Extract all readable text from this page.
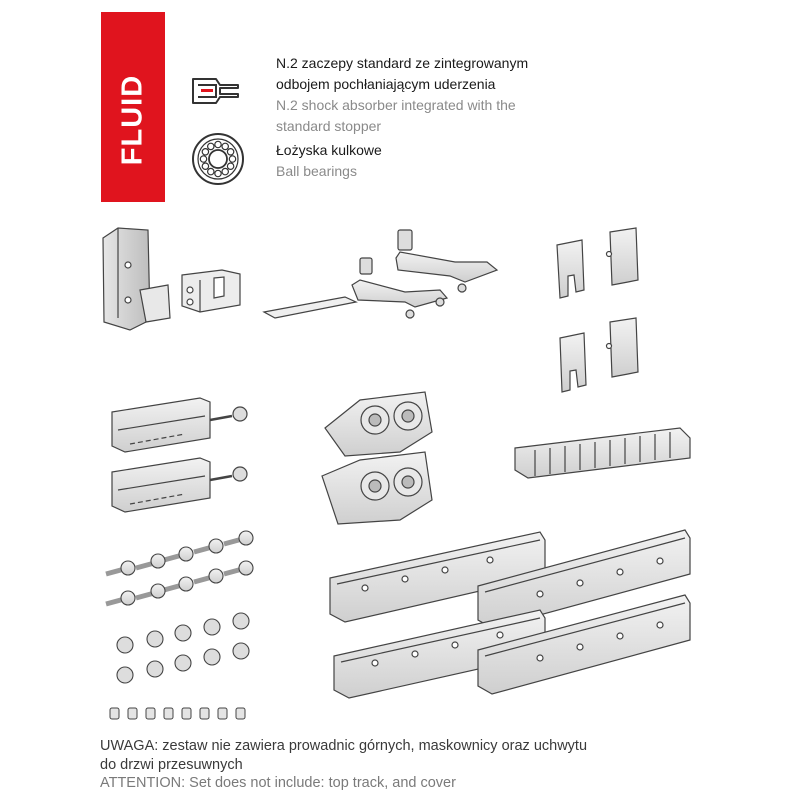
FLUID
N.2 zaczepy standard ze zintegrowanym
odbojem pochłaniającym uderzenia
N.2 shock absorber integrated with the
standard stopper
Łożyska kulkowe
Ball bearings
UWAGA: zestaw nie zawiera prowadnic górnych, maskownicy oraz uchwytu
do drzwi przesuwnych
ATTENTION: Set does not include: top track, and cover
